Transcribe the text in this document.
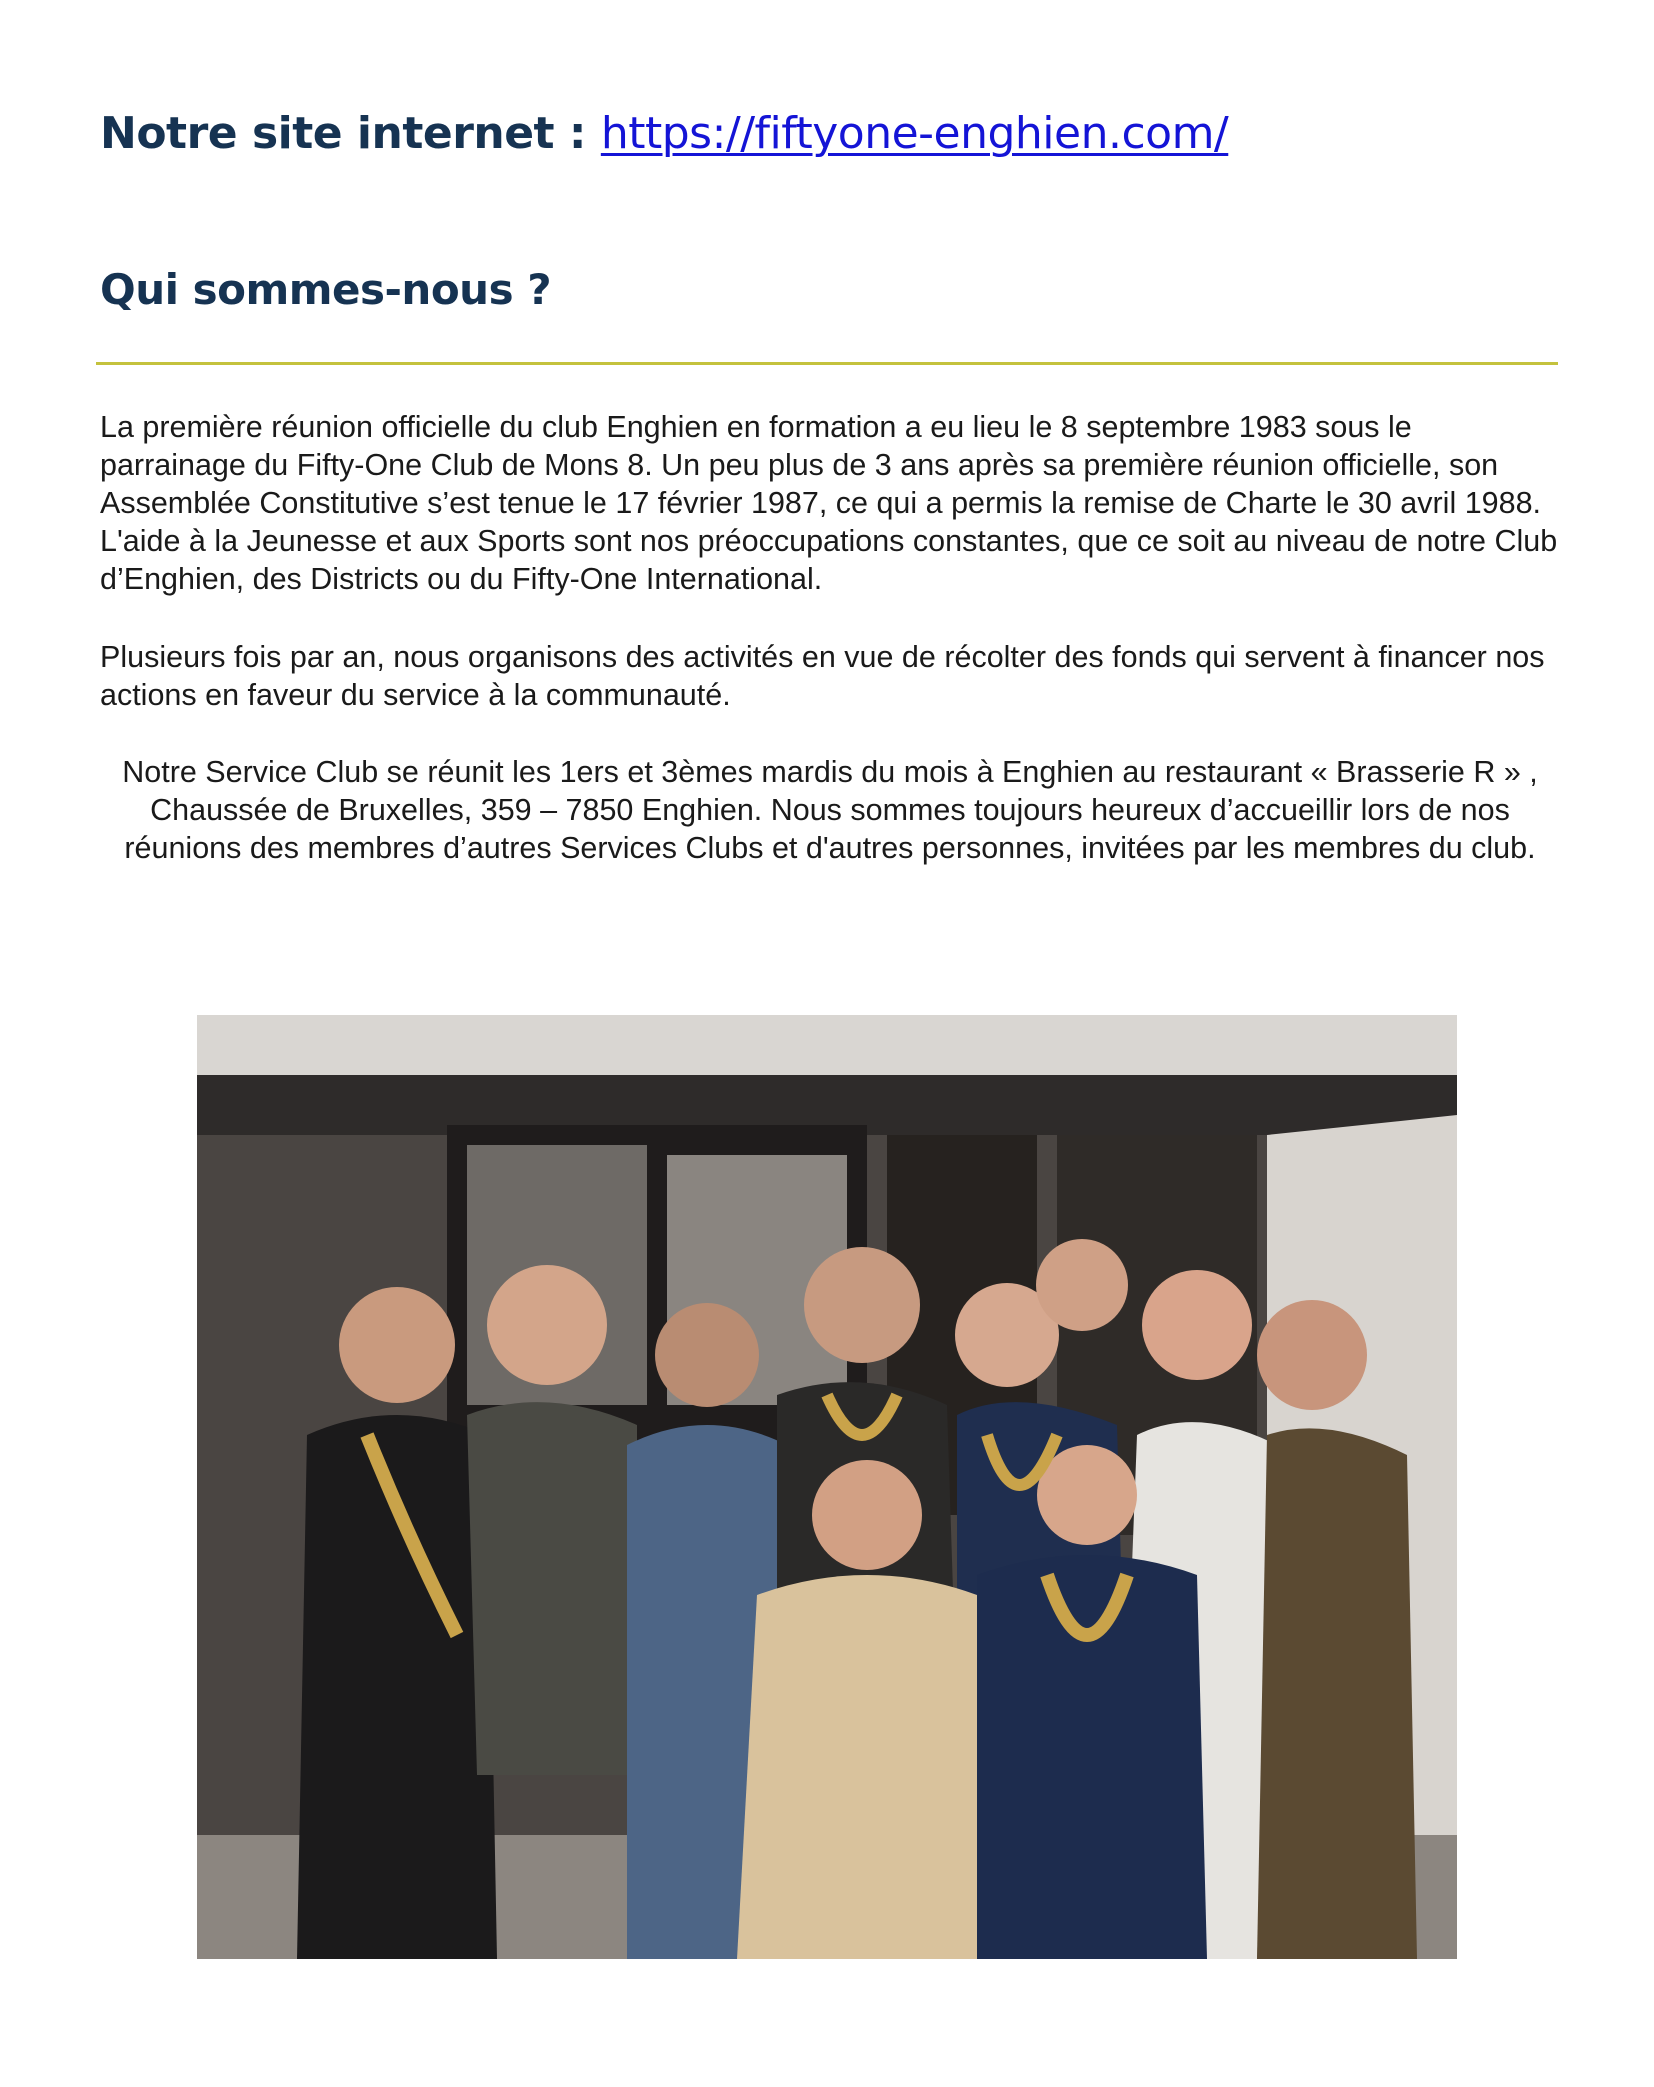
Notre site internet : https://fiftyone-enghien.com/
Qui sommes-nous ?

La première réunion officielle du club Enghien en formation a eu lieu le 8 septembre 1983 sous le parrainage du Fifty-One Club de Mons 8. Un peu plus de 3 ans après sa première réunion officielle, son Assemblée Constitutive s’est tenue le 17 février 1987, ce qui a permis la remise de Charte le 30 avril 1988. L'aide à la Jeunesse et aux Sports sont nos préoccupations constantes, que ce soit au niveau de notre Club d’Enghien, des Districts ou du Fifty-One International.

Plusieurs fois par an, nous organisons des activités en vue de récolter des fonds qui servent à financer nos actions en faveur du service à la communauté.

Notre Service Club se réunit les 1ers et 3èmes mardis du mois à Enghien au restaurant « Brasserie R » , Chaussée de Bruxelles, 359 – 7850 Enghien. Nous sommes toujours heureux d’accueillir lors de nos réunions des membres d’autres Services Clubs et d'autres personnes, invitées par les membres du club.
